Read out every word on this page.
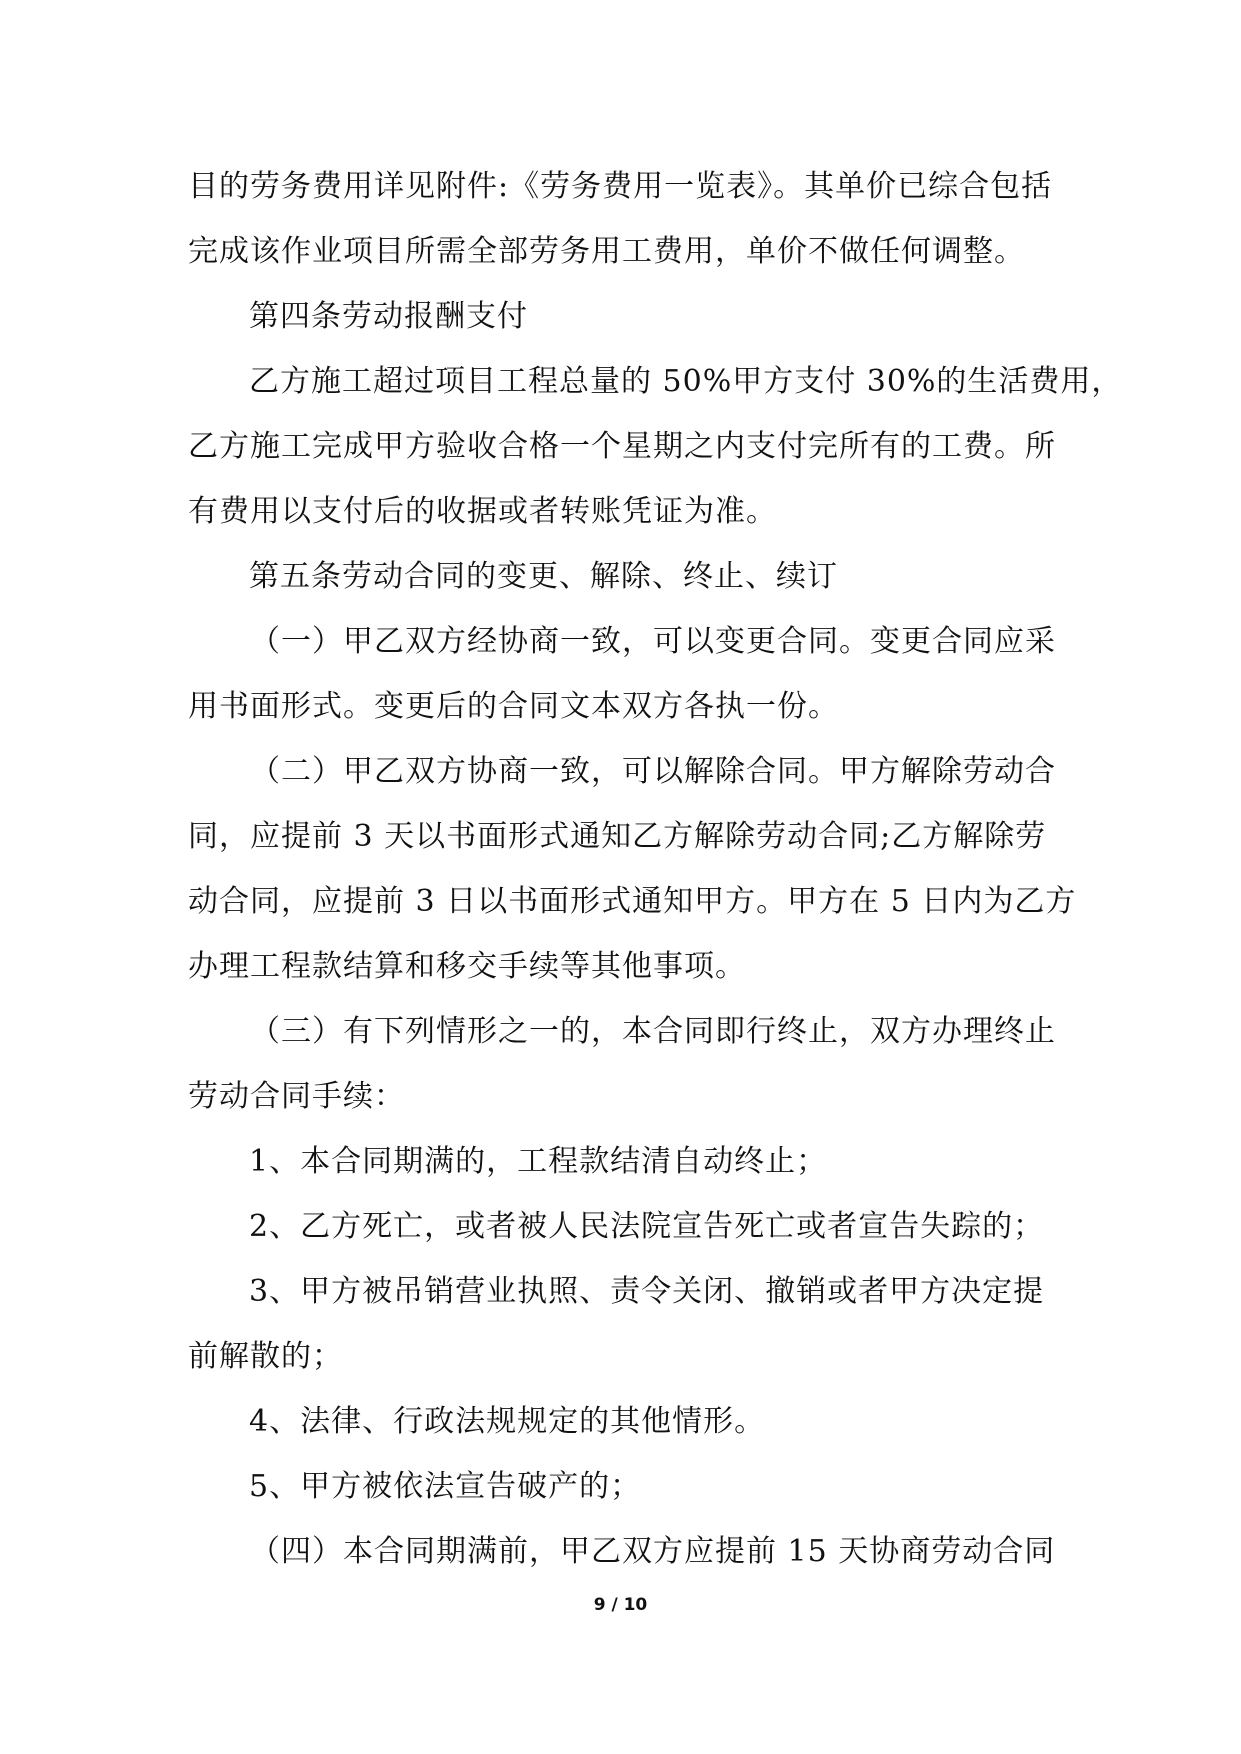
目的劳务费用详见附件:《劳务费用一览表》。其单价已综合包括
完成该作业项目所需全部劳务用工费用，单价不做任何调整。
第四条劳动报酬支付
乙方施工超过项目工程总量的 50%甲方支付 30%的生活费用，
乙方施工完成甲方验收合格一个星期之内支付完所有的工费。所
有费用以支付后的收据或者转账凭证为准。
第五条劳动合同的变更、解除、终止、续订
（一）甲乙双方经协商一致，可以变更合同。变更合同应采
用书面形式。变更后的合同文本双方各执一份。
（二）甲乙双方协商一致，可以解除合同。甲方解除劳动合
同，应提前 3 天以书面形式通知乙方解除劳动合同;乙方解除劳
动合同，应提前 3 日以书面形式通知甲方。甲方在 5 日内为乙方
办理工程款结算和移交手续等其他事项。
（三）有下列情形之一的，本合同即行终止，双方办理终止
劳动合同手续：
1、本合同期满的，工程款结清自动终止；
2、乙方死亡，或者被人民法院宣告死亡或者宣告失踪的；
3、甲方被吊销营业执照、责令关闭、撤销或者甲方决定提
前解散的；
4、法律、行政法规规定的其他情形。
5、甲方被依法宣告破产的；
（四）本合同期满前，甲乙双方应提前 15 天协商劳动合同
9 / 10
